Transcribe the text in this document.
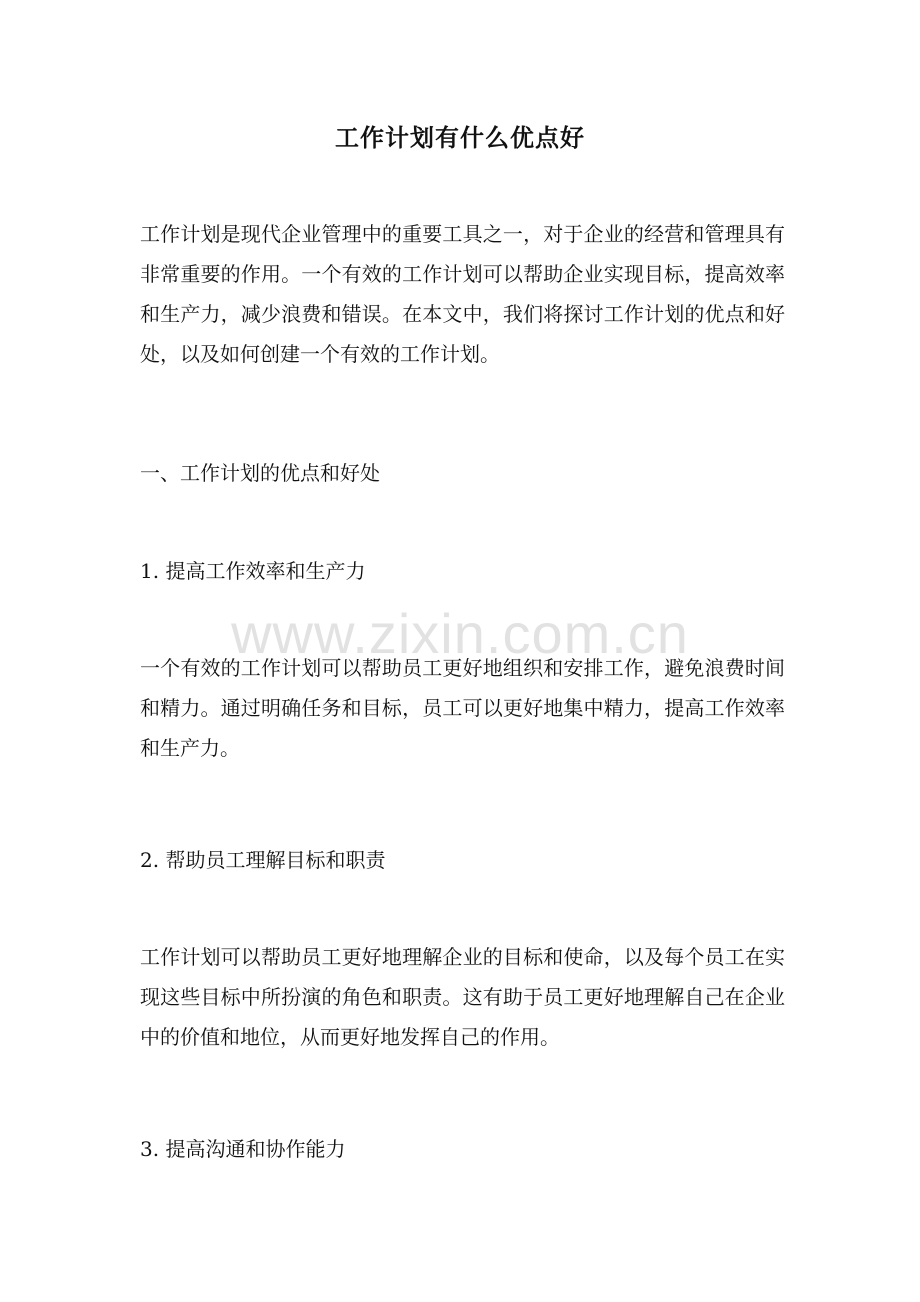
工作计划有什么优点好

工作计划是现代企业管理中的重要工具之一，对于企业的经营和管理具有非常重要的作用。一个有效的工作计划可以帮助企业实现目标，提高效率和生产力，减少浪费和错误。在本文中，我们将探讨工作计划的优点和好处，以及如何创建一个有效的工作计划。

一、工作计划的优点和好处
1. 提高工作效率和生产力

一个有效的工作计划可以帮助员工更好地组织和安排工作，避免浪费时间和精力。通过明确任务和目标，员工可以更好地集中精力，提高工作效率和生产力。

2. 帮助员工理解目标和职责

工作计划可以帮助员工更好地理解企业的目标和使命，以及每个员工在实现这些目标中所扮演的角色和职责。这有助于员工更好地理解自己在企业中的价值和地位，从而更好地发挥自己的作用。

3. 提高沟通和协作能力
www.zixin.com.cn
